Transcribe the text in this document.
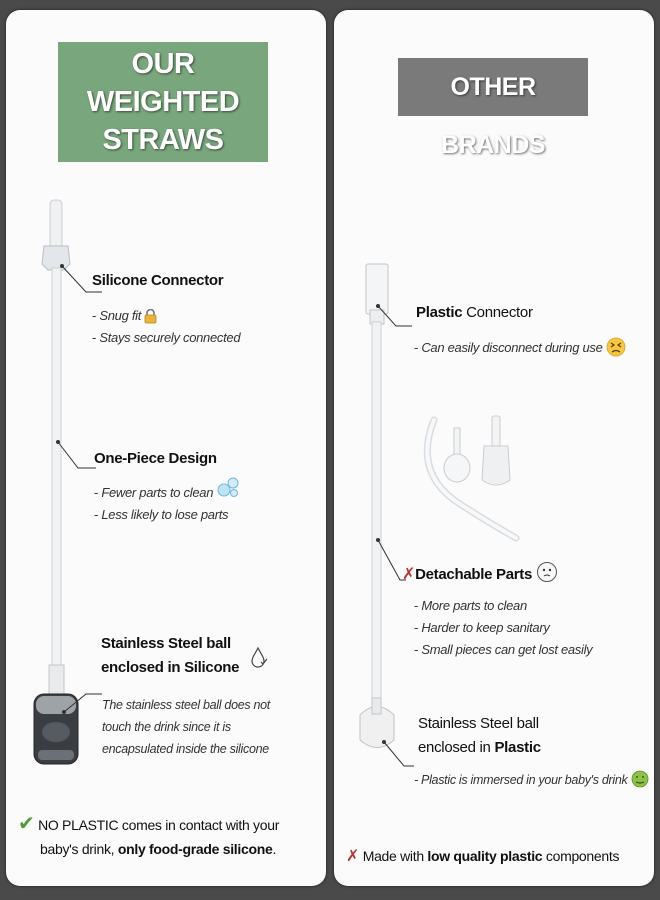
OUR WEIGHTED
STRAWS
Silicone Connector
- Snug fit
- Stays securely connected
One-Piece Design
- Fewer parts to clean
- Less likely to lose parts
Stainless Steel ball
enclosed in Silicone
The stainless steel ball does not
touch the drink since it is
encapsulated inside the silicone
✔ NO PLASTIC comes in contact with your
baby's drink, only food-grade silicone.
OTHER BRANDS
Plastic Connector
- Can easily disconnect during use
✗Detachable Parts
- More parts to clean
- Harder to keep sanitary
- Small pieces can get lost easily
Stainless Steel ball
enclosed in Plastic
- Plastic is immersed in your baby's drink
✗ Made with low quality plastic components
